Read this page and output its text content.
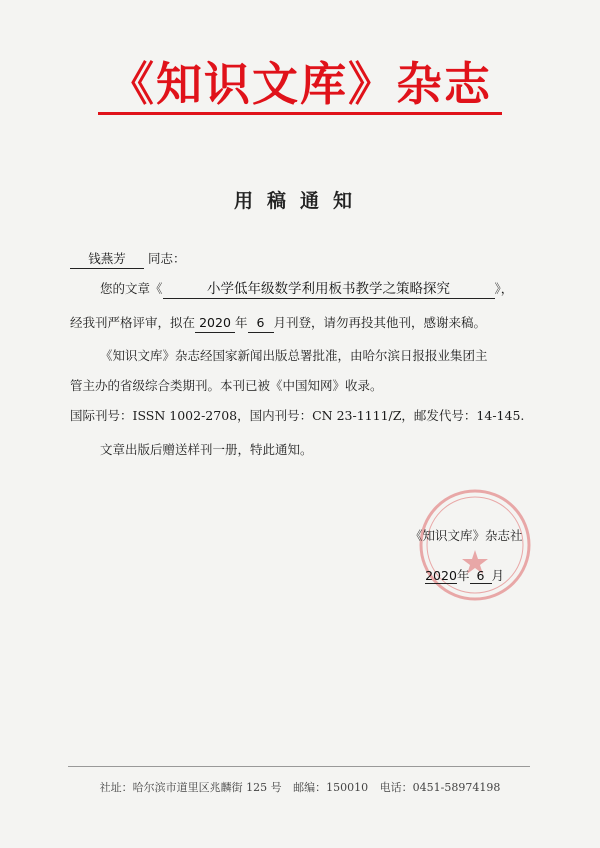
《知识文库》杂志
用稿通知
钱燕芳 同志：
您的文章《	小学低年级数学利用板书教学之策略探究	》，
经我刊严格评审，拟在 2020 年 6 月刊登，请勿再投其他刊，感谢来稿。
《知识文库》杂志经国家新闻出版总署批准，由哈尔滨日报报业集团主
管主办的省级综合类期刊。本刊已被《中国知网》收录。
国际刊号：ISSN 1002-2708，国内刊号：CN 23-1111/Z，邮发代号：14-145.
文章出版后赠送样刊一册，特此通知。
《知识文库》杂志社
2020年 6 月
社址：哈尔滨市道里区兆麟街 125 号 邮编：150010 电话：0451-58974198
